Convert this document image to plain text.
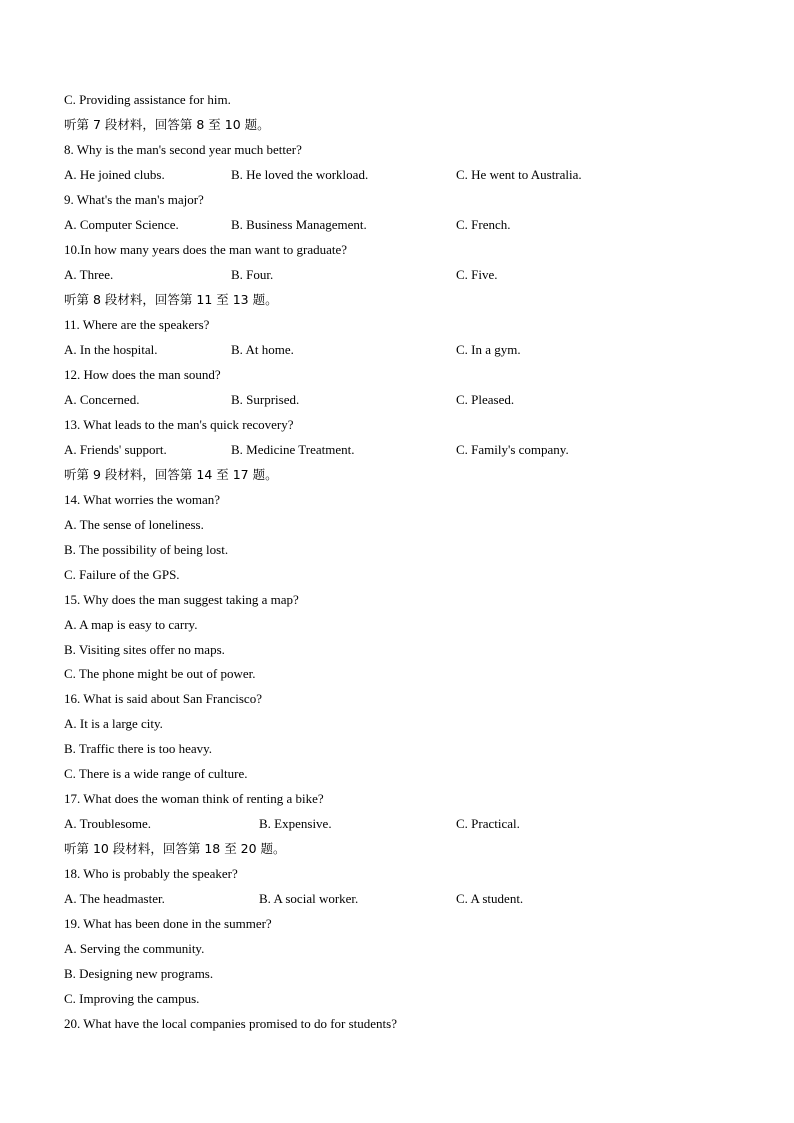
C. Providing assistance for him.
听第 7 段材料，回答第 8 至 10 题。
8. Why is the man's second year much better?
A. He joined clubs.	B. He loved the workload.	C. He went to Australia.
9. What's the man's major?
A. Computer Science.	B. Business Management.	C. French.
10.In how many years does the man want to graduate?
A. Three.	B. Four.	C. Five.
听第 8 段材料，回答第 11 至 13 题。
11. Where are the speakers?
A. In the hospital.	B. At home.	C. In a gym.
12. How does the man sound?
A. Concerned.	B. Surprised.	C. Pleased.
13. What leads to the man's quick recovery?
A. Friends' support.	B. Medicine Treatment.	C. Family's company.
听第 9 段材料，回答第 14 至 17 题。
14. What worries the woman?
A. The sense of loneliness.
B. The possibility of being lost.
C. Failure of the GPS.
15. Why does the man suggest taking a map?
A. A map is easy to carry.
B. Visiting sites offer no maps.
C. The phone might be out of power.
16. What is said about San Francisco?
A. It is a large city.
B. Traffic there is too heavy.
C. There is a wide range of culture.
17. What does the woman think of renting a bike?
A. Troublesome.	B. Expensive.	C. Practical.
听第 10 段材料，回答第 18 至 20 题。
18. Who is probably the speaker?
A. The headmaster.	B. A social worker.	C. A student.
19. What has been done in the summer?
A. Serving the community.
B. Designing new programs.
C. Improving the campus.
20. What have the local companies promised to do for students?
